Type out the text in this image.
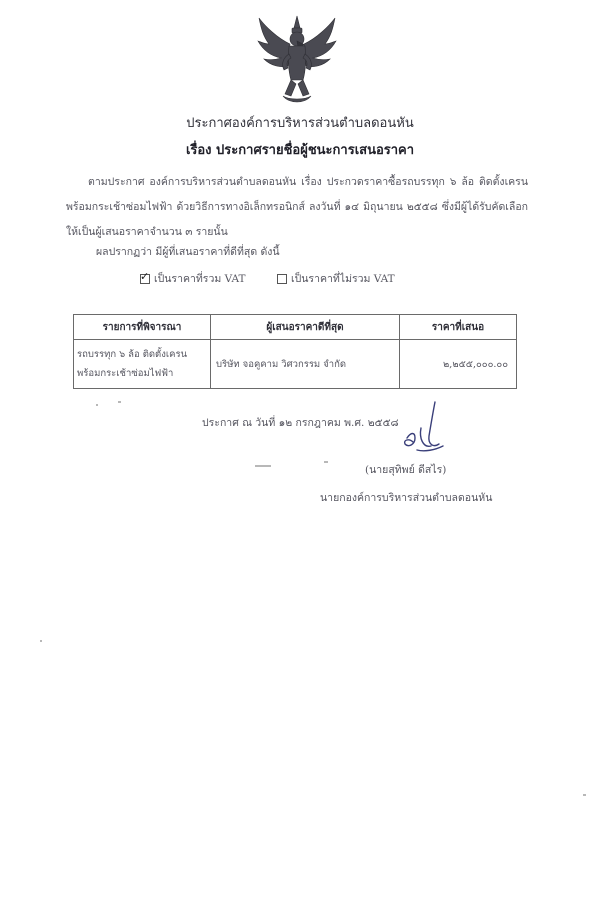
ประกาศองค์การบริหารส่วนตำบลดอนหัน
เรื่อง ประกาศรายชื่อผู้ชนะการเสนอราคา
ตามประกาศ องค์การบริหารส่วนตำบลดอนหัน เรื่อง ประกวดราคาซื้อรถบรรทุก ๖ ล้อ ติดตั้งเครนพร้อมกระเช้าซ่อมไฟฟ้า ด้วยวิธีการทางอิเล็กทรอนิกส์ ลงวันที่ ๑๔ มิถุนายน ๒๕๕๘ ซึ่งมีผู้ได้รับคัดเลือกให้เป็นผู้เสนอราคาจำนวน ๓ รายนั้น
ผลปรากฏว่า มีผู้ที่เสนอราคาที่ดีที่สุด ดังนี้
✓
เป็นราคาที่รวม VAT	เป็นราคาที่ไม่รวม VAT
รายการที่พิจารณา	ผู้เสนอราคาดีที่สุด	ราคาที่เสนอ

รถบรรทุก ๖ ล้อ ติดตั้งเครน
พร้อมกระเช้าซ่อมไฟฟ้า	บริษัท จอคูคาม วิศวกรรม จำกัด	๒,๒๕๕,๐๐๐.๐๐
ประกาศ ณ วันที่ ๑๒ กรกฎาคม พ.ศ. ๒๕๕๘
(นายสุทิพย์ ดีสไร)
นายกองค์การบริหารส่วนตำบลดอนหัน
